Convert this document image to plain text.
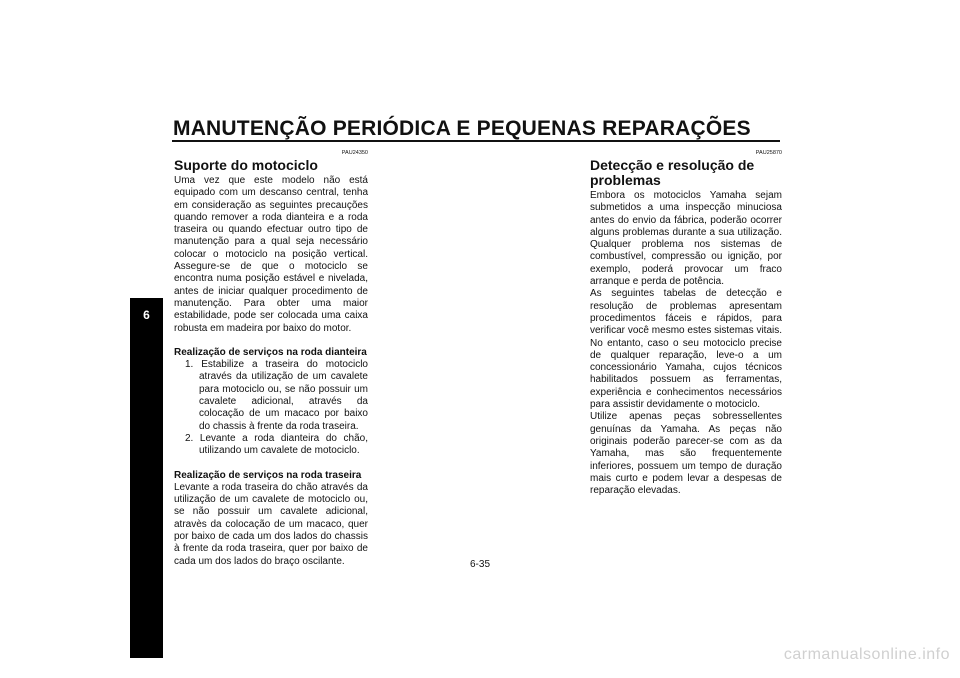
MANUTENÇÃO PERIÓDICA E PEQUENAS REPARAÇÕES
6
PAU24350
Suporte do motociclo

Uma vez que este modelo não está equipado com um descanso central, tenha em consideração as seguintes precauções quando remover a roda dianteira e a roda traseira ou quando efectuar outro tipo de manutenção para a qual seja necessário colocar o motociclo na posição vertical. Assegure-se de que o motociclo se encontra numa posição estável e nivelada, antes de iniciar qualquer procedimento de manutenção. Para obter uma maior estabilidade, pode ser colocada uma caixa robusta em madeira por baixo do motor.

Realização de serviços na roda dianteira
1. Estabilize a traseira do motociclo através da utilização de um cavalete para motociclo ou, se não possuir um cavalete adicional, através da colocação de um macaco por baixo do chassis à frente da roda traseira.
2. Levante a roda dianteira do chão, utilizando um cavalete de motociclo.
Realização de serviços na roda traseira

Levante a roda traseira do chão através da utilização de um cavalete de motociclo ou, se não possuir um cavalete adicional, atravès da colocação de um macaco, quer por baixo de cada um dos lados do chassis à frente da roda traseira, quer por baixo de cada um dos lados do braço oscilante.

PAU25870
Detecção e resolução de problemas

Embora os motociclos Yamaha sejam submetidos a uma inspecção minuciosa antes do envio da fábrica, poderão ocorrer alguns problemas durante a sua utilização. Qualquer problema nos sistemas de combustível, compressão ou ignição, por exemplo, poderá provocar um fraco arranque e perda de potência.

As seguintes tabelas de detecção e resolução de problemas apresentam procedimentos fáceis e rápidos, para verificar você mesmo estes sistemas vitais. No entanto, caso o seu motociclo precise de qualquer reparação, leve-o a um concessionário Yamaha, cujos técnicos habilitados possuem as ferramentas, experiência e conhecimentos necessários para assistir devidamente o motociclo.

Utilize apenas peças sobressellentes genuínas da Yamaha. As peças não originais poderão parecer-se com as da Yamaha, mas são frequentemente inferiores, possuem um tempo de duração mais curto e podem levar a despesas de reparação elevadas.

6-35
carmanualsonline.info
